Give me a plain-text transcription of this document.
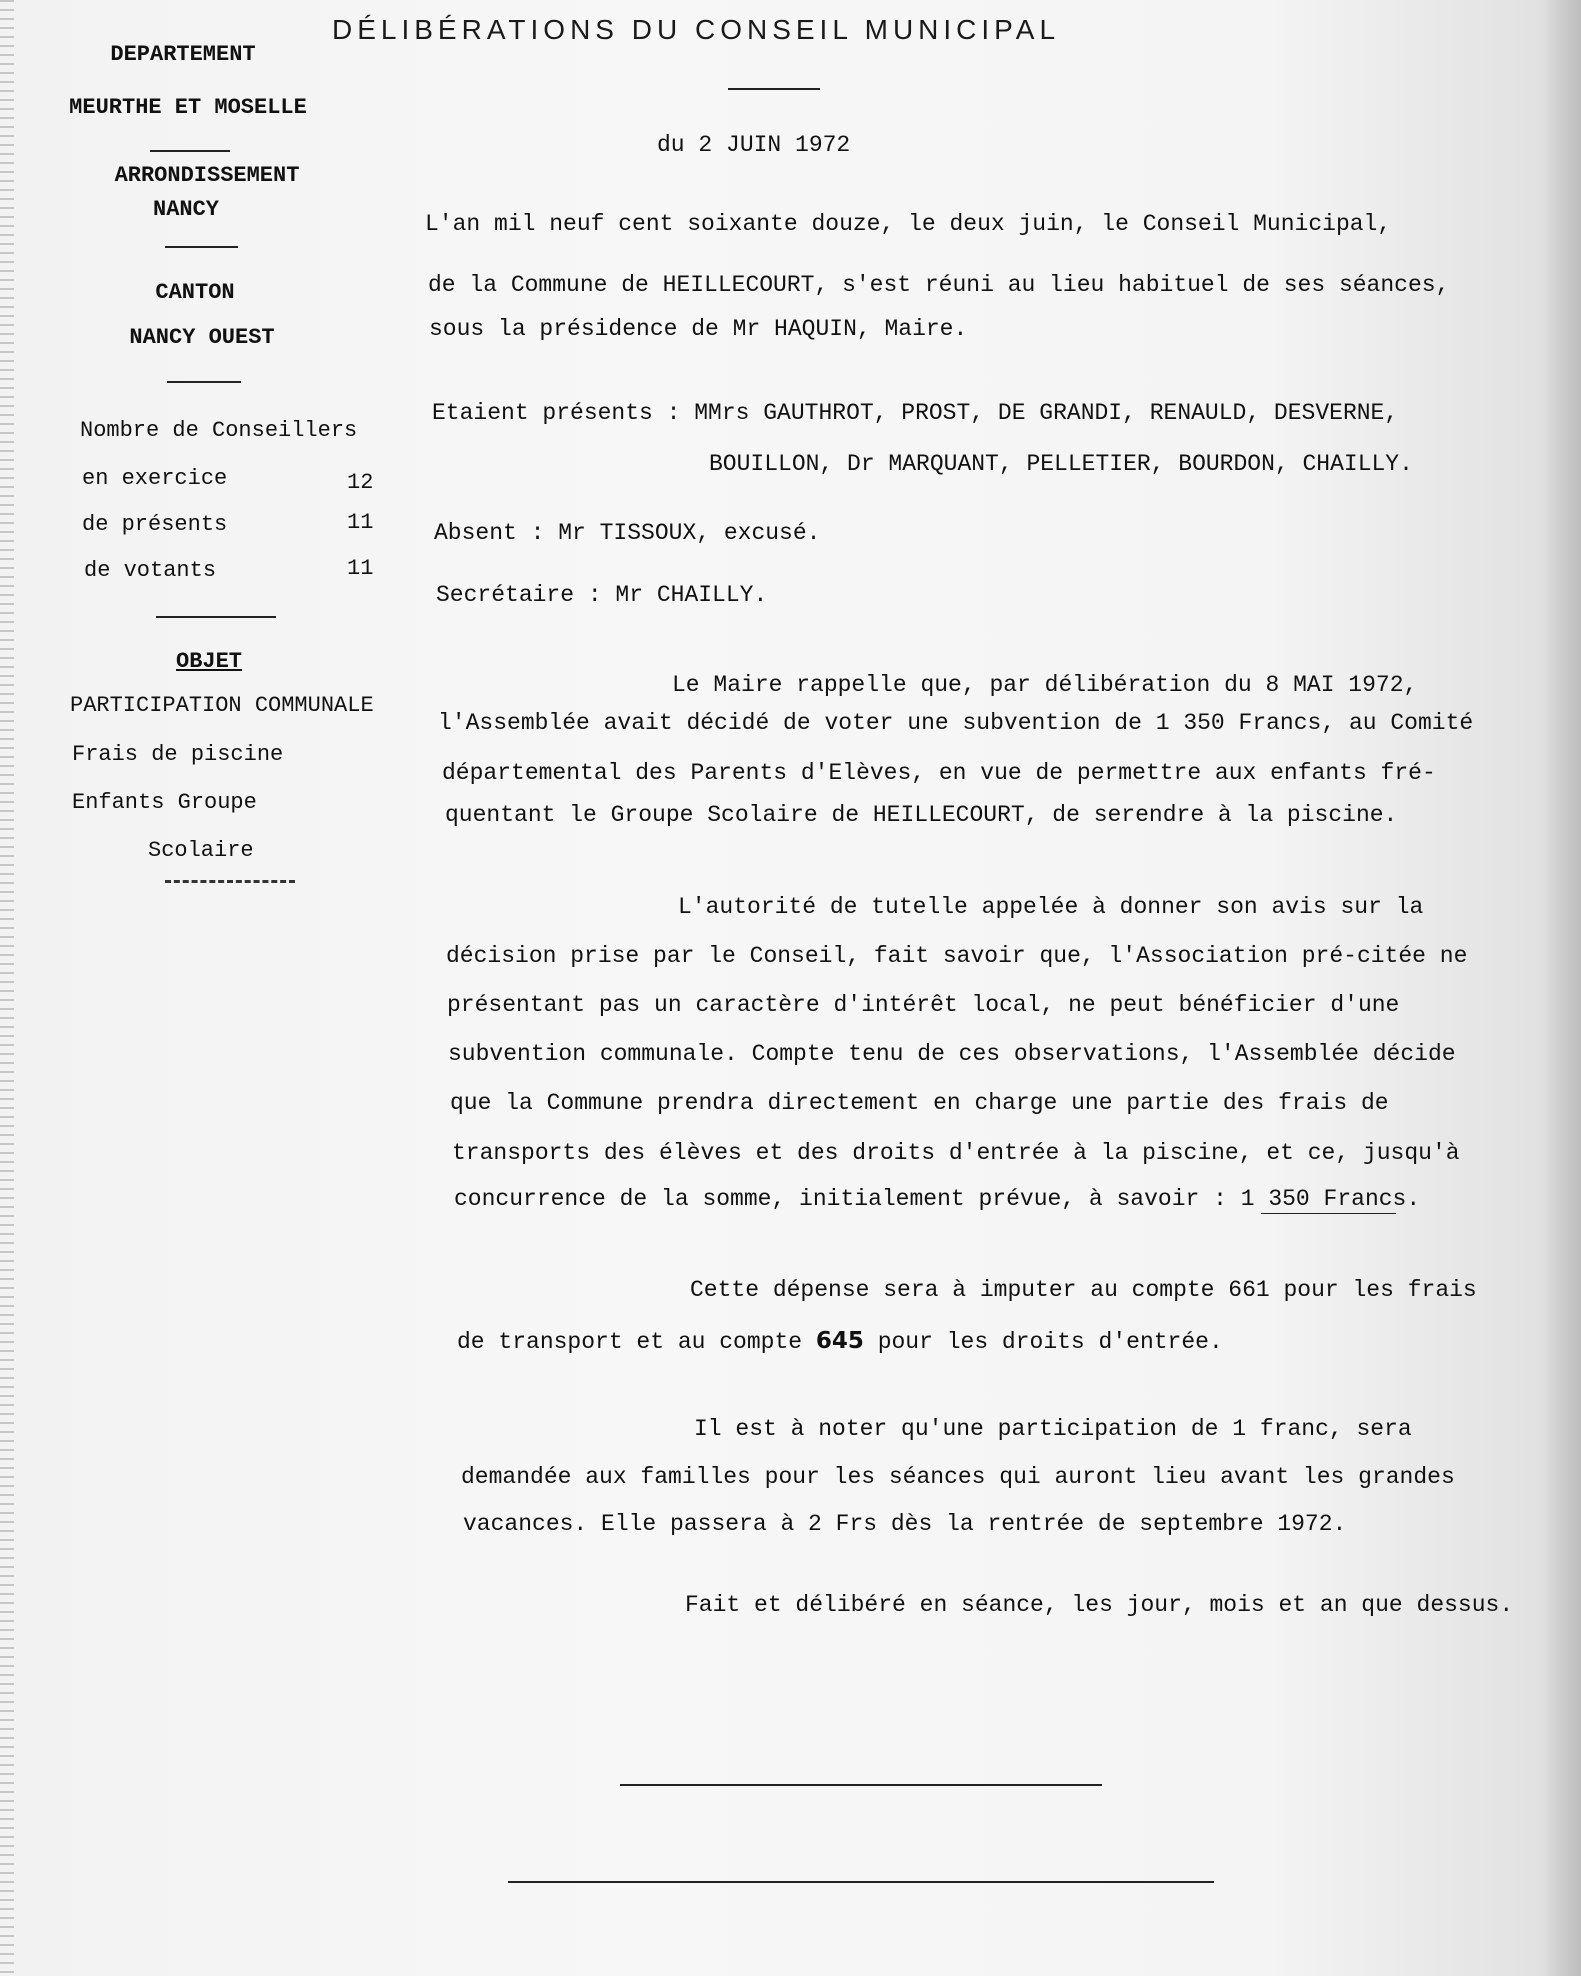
DÉLIBÉRATIONS DU CONSEIL MUNICIPAL
du 2 JUIN 1972
DEPARTEMENT
MEURTHE ET MOSELLE
ARRONDISSEMENT
NANCY
CANTON
NANCY OUEST
Nombre de Conseillers
en exercice	12
de présents	11
de votants	11
OBJET
PARTICIPATION COMMUNALE
Frais de piscine
Enfants Groupe
Scolaire
L'an mil neuf cent soixante douze, le deux juin, le Conseil Municipal,
de la Commune de HEILLECOURT, s'est réuni au lieu habituel de ses séances,
sous la présidence de Mr HAQUIN, Maire.
Etaient présents : MMrs GAUTHROT, PROST, DE GRANDI, RENAULD, DESVERNE,
BOUILLON, Dr MARQUANT, PELLETIER, BOURDON, CHAILLY.
Absent : Mr TISSOUX, excusé.
Secrétaire : Mr CHAILLY.
Le Maire rappelle que, par délibération du 8 MAI 1972,
l'Assemblée avait décidé de voter une subvention de 1 350 Francs, au Comité
départemental des Parents d'Elèves, en vue de permettre aux enfants fré-
quentant le Groupe Scolaire de HEILLECOURT, de serendre à la piscine.
L'autorité de tutelle appelée à donner son avis sur la
décision prise par le Conseil, fait savoir que, l'Association pré-citée ne
présentant pas un caractère d'intérêt local, ne peut bénéficier d'une
subvention communale. Compte tenu de ces observations, l'Assemblée décide
que la Commune prendra directement en charge une partie des frais de
transports des élèves et des droits d'entrée à la piscine, et ce, jusqu'à
concurrence de la somme, initialement prévue, à savoir : 1 350 Francs.
Cette dépense sera à imputer au compte 661 pour les frais
de transport et au compte 645 pour les droits d'entrée.
Il est à noter qu'une participation de 1 franc, sera
demandée aux familles pour les séances qui auront lieu avant les grandes
vacances. Elle passera à 2 Frs dès la rentrée de septembre 1972.
Fait et délibéré en séance, les jour, mois et an que dessus.
